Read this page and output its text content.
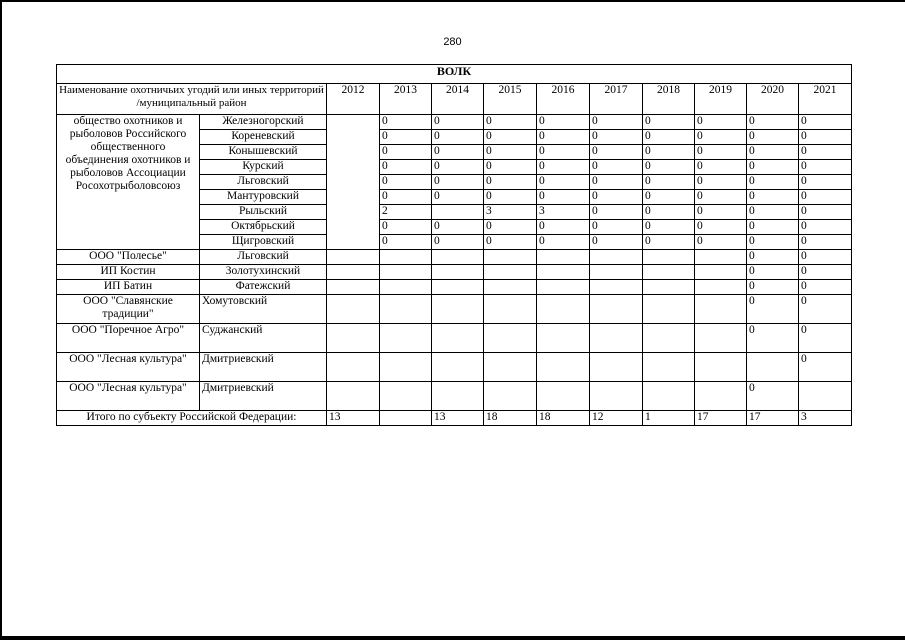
280
ВОЛК											
Наименование охотничьих угодий или иных территорий /муниципальный район		2012	2013	2014	2015	2016	2017	2018	2019	2020	2021
общество охотников и рыболовов Российского общественного объединения охотников и рыболовов Ассоциации Росохотрыболовсоюз	Железногорский		0	0	0	0	0	0	0	0	0
	Кореневский		0	0	0	0	0	0	0	0	0
	Конышевский		0	0	0	0	0	0	0	0	0
	Курский		0	0	0	0	0	0	0	0	0
	Льговский		0	0	0	0	0	0	0	0	0
	Мантуровский		0	0	0	0	0	0	0	0	0
	Рыльский		2		3	3	0	0	0	0	0
	Октябрьский		0	0	0	0	0	0	0	0	0
	Щигровский		0	0	0	0	0	0	0	0	0
ООО "Полесье"	Льговский									0	0
ИП Костин	Золотухинский									0	0
ИП Батин	Фатежский									0	0
ООО "Славянские традиции"	Хомутовский									0	0
ООО "Поречное Агро"	Суджанский									0	0
ООО "Лесная культура"	Дмитриевский										0
ООО "Лесная культура"	Дмитриевский									0	
Итого по субъекту Российской Федерации:		13		13	18	18	12	1	17	17	3
